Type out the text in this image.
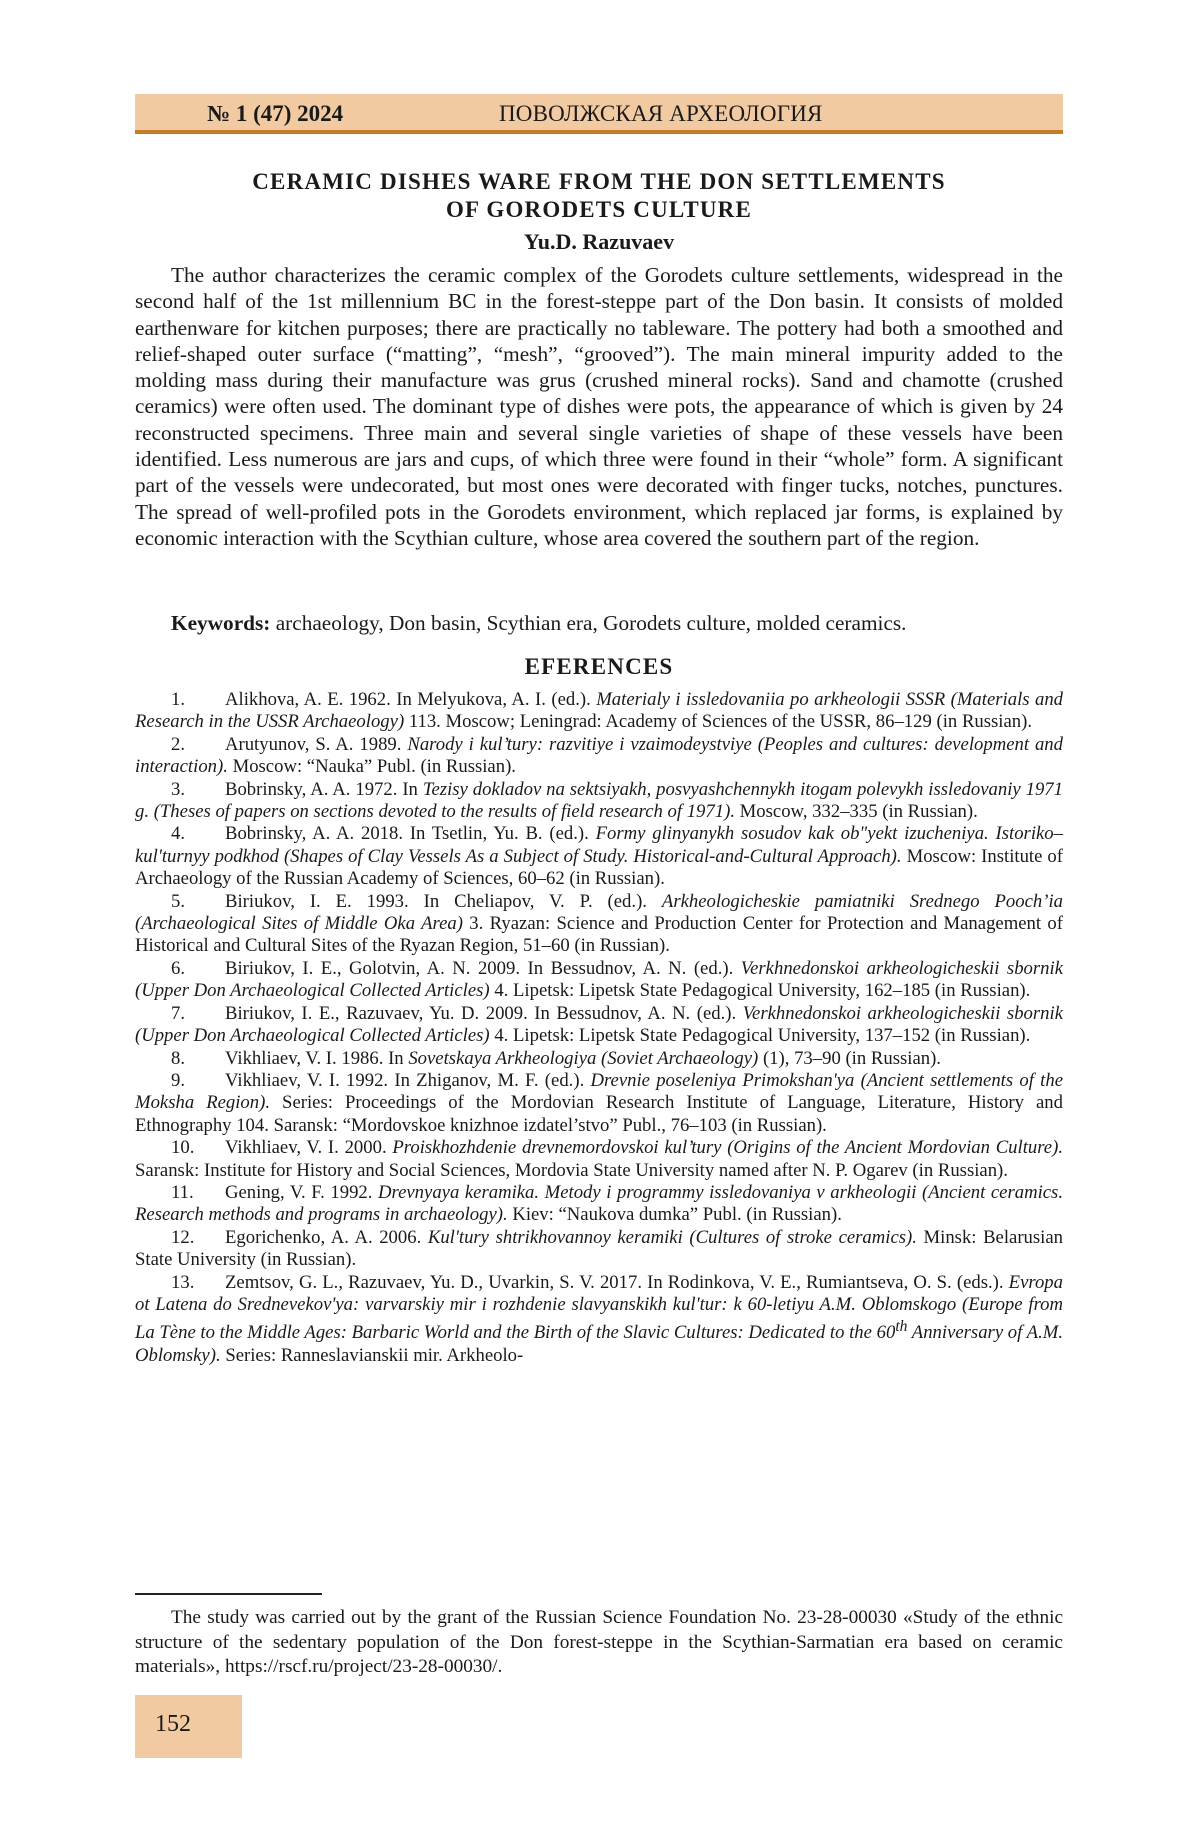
№ 1 (47) 2024	ПОВОЛЖСКАЯ АРХЕОЛОГИЯ
CERAMIC DISHES WARE FROM THE DON SETTLEMENTS
OF GORODETS CULTURE
Yu.D. Razuvaev

The author characterizes the ceramic complex of the Gorodets culture settlements, widespread in the second half of the 1st millennium BC in the forest-steppe part of the Don basin. It consists of molded earthenware for kitchen purposes; there are practically no tableware. The pottery had both a smoothed and relief-shaped outer surface (“matting”, “mesh”, “grooved”). The main mineral impurity added to the molding mass during their manufacture was grus (crushed mineral rocks). Sand and chamotte (crushed ceramics) were often used. The dominant type of dishes were pots, the appearance of which is given by 24 reconstructed specimens. Three main and several single varieties of shape of these vessels have been identified. Less numerous are jars and cups, of which three were found in their “whole” form. A significant part of the vessels were undecorated, but most ones were decorated with finger tucks, notches, punctures. The spread of well-profiled pots in the Gorodets environment, which replaced jar forms, is explained by economic interaction with the Scythian culture, whose area covered the southern part of the region.

Keywords: archaeology, Don basin, Scythian era, Gorodets culture, molded ceramics.

EFERENCES

1. Alikhova, A. E. 1962. In Melyukova, A. I. (ed.). Materialy i issledovaniia po arkheologii SSSR (Materials and Research in the USSR Archaeology) 113. Moscow; Leningrad: Academy of Sciences of the USSR, 86–129 (in Russian).

2. Arutyunov, S. A. 1989. Narody i kul’tury: razvitiye i vzaimodeystviye (Peoples and cultures: development and interaction). Moscow: “Nauka” Publ. (in Russian).

3. Bobrinsky, A. A. 1972. In Tezisy dokladov na sektsiyakh, posvyashchennykh itogam polevykh issledovaniy 1971 g. (Theses of papers on sections devoted to the results of field research of 1971). Moscow, 332–335 (in Russian).

4. Bobrinsky, A. A. 2018. In Tsetlin, Yu. B. (ed.). Formy glinyanykh sosudov kak ob"yekt izucheniya. Istoriko–kul'turnyy podkhod (Shapes of Clay Vessels As a Subject of Study. Historical-and-Cultural Approach). Moscow: Institute of Archaeology of the Russian Academy of Sciences, 60–62 (in Russian).

5. Biriukov, I. E. 1993. In Cheliapov, V. P. (ed.). Arkheologicheskie pamiatniki Srednego Pooch’ia (Archaeological Sites of Middle Oka Area) 3. Ryazan: Science and Production Center for Protection and Management of Historical and Cultural Sites of the Ryazan Region, 51–60 (in Russian).

6. Biriukov, I. E., Golotvin, A. N. 2009. In Bessudnov, A. N. (ed.). Verkhnedonskoi arkheologicheskii sbornik (Upper Don Archaeological Collected Articles) 4. Lipetsk: Lipetsk State Pedagogical University, 162–185 (in Russian).

7. Biriukov, I. E., Razuvaev, Yu. D. 2009. In Bessudnov, A. N. (ed.). Verkhnedonskoi arkheologicheskii sbornik (Upper Don Archaeological Collected Articles) 4. Lipetsk: Lipetsk State Pedagogical University, 137–152 (in Russian).

8. Vikhliaev, V. I. 1986. In Sovetskaya Arkheologiya (Soviet Archaeology) (1), 73–90 (in Russian).

9. Vikhliaev, V. I. 1992. In Zhiganov, M. F. (ed.). Drevnie poseleniya Primokshan'ya (Ancient settlements of the Moksha Region). Series: Proceedings of the Mordovian Research Institute of Language, Literature, History and Ethnography 104. Saransk: “Mordovskoe knizhnoe izdatel’stvo” Publ., 76–103 (in Russian).

10. Vikhliaev, V. I. 2000. Proiskhozhdenie drevnemordovskoi kul’tury (Origins of the Ancient Mordovian Culture). Saransk: Institute for History and Social Sciences, Mordovia State University named after N. P. Ogarev (in Russian).

11. Gening, V. F. 1992. Drevnyaya keramika. Metody i programmy issledovaniya v arkheologii (Ancient ceramics. Research methods and programs in archaeology). Kiev: “Naukova dumka” Publ. (in Russian).

12. Egorichenko, A. A. 2006. Kul'tury shtrikhovannoy keramiki (Cultures of stroke ceramics). Minsk: Belarusian State University (in Russian).

13. Zemtsov, G. L., Razuvaev, Yu. D., Uvarkin, S. V. 2017. In Rodinkova, V. E., Rumiantseva, O. S. (eds.). Evropa ot Latena do Srednevekov'ya: varvarskiy mir i rozhdenie slavyanskikh kul'tur: k 60-letiyu A.M. Oblomskogo (Europe from La Tène to the Middle Ages: Barbaric World and the Birth of the Slavic Cultures: Dedicated to the 60th Anniversary of A.M. Oblomsky). Series: Ranneslavianskii mir. Arkheolo-

The study was carried out by the grant of the Russian Science Foundation No. 23-28-00030 «Study of the ethnic structure of the sedentary population of the Don forest-steppe in the Scythian-Sarmatian era based on ceramic materials», https://rscf.ru/project/23-28-00030/.

152
